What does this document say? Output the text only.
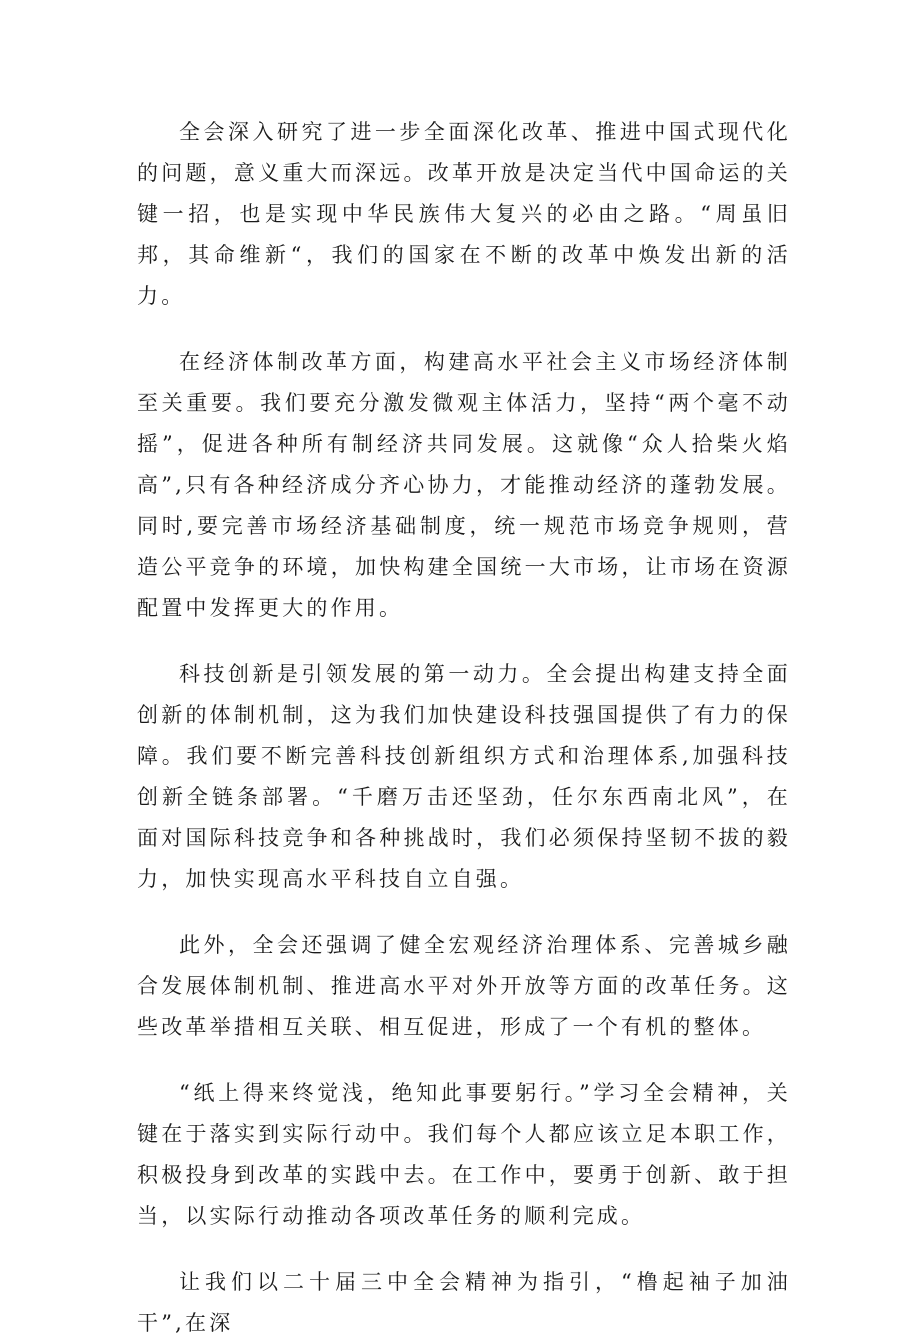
全会深入研究了进一步全面深化改革、推进中国式现代化的问题，意义重大而深远。改革开放是决定当代中国命运的关键一招，也是实现中华民族伟大复兴的必由之路。“周虽旧邦，其命维新“，我们的国家在不断的改革中焕发出新的活力。

在经济体制改革方面，构建高水平社会主义市场经济体制至关重要。我们要充分激发微观主体活力，坚持“两个毫不动摇”，促进各种所有制经济共同发展。这就像“众人拾柴火焰高”,只有各种经济成分齐心协力，才能推动经济的蓬勃发展。同时,要完善市场经济基础制度，统一规范市场竞争规则，营造公平竞争的环境，加快构建全国统一大市场，让市场在资源配置中发挥更大的作用。

科技创新是引领发展的第一动力。全会提出构建支持全面创新的体制机制，这为我们加快建设科技强国提供了有力的保障。我们要不断完善科技创新组织方式和治理体系,加强科技创新全链条部署。“千磨万击还坚劲，任尔东西南北风”，在面对国际科技竞争和各种挑战时，我们必须保持坚韧不拔的毅力，加快实现高水平科技自立自强。

此外，全会还强调了健全宏观经济治理体系、完善城乡融合发展体制机制、推进高水平对外开放等方面的改革任务。这些改革举措相互关联、相互促进，形成了一个有机的整体。

“纸上得来终觉浅，绝知此事要躬行。”学习全会精神，关键在于落实到实际行动中。我们每个人都应该立足本职工作，积极投身到改革的实践中去。在工作中，要勇于创新、敢于担当，以实际行动推动各项改革任务的顺利完成。

让我们以二十届三中全会精神为指引，“橹起袖子加油干”,在深
